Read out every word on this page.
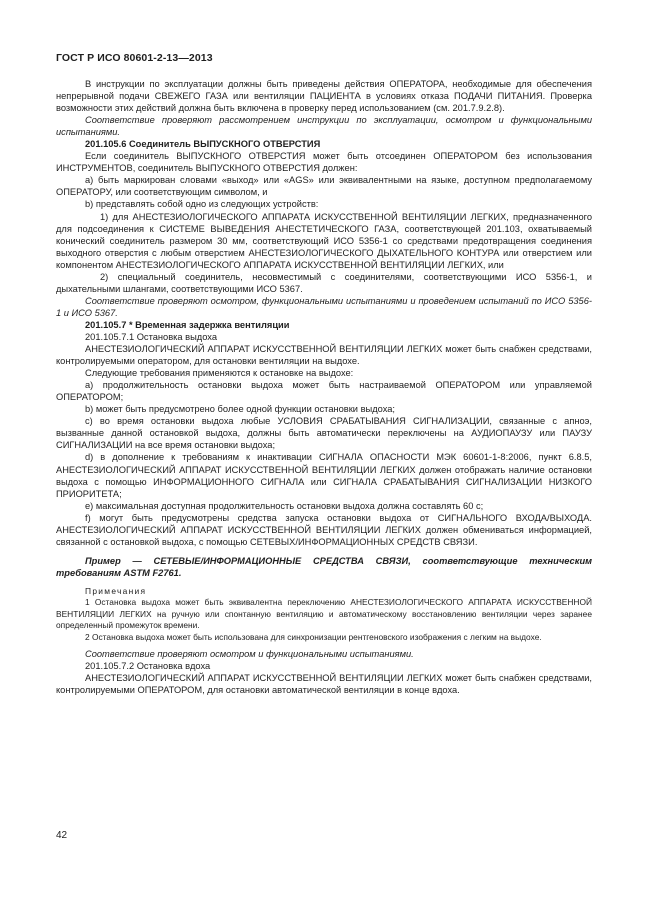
ГОСТ Р ИСО 80601-2-13—2013

В инструкции по эксплуатации должны быть приведены действия ОПЕРАТОРА, необходимые для обеспечения непрерывной подачи СВЕЖЕГО ГАЗА или вентиляции ПАЦИЕНТА в условиях отказа ПОДАЧИ ПИТАНИЯ. Проверка возможности этих действий должна быть включена в проверку перед использованием (см. 201.7.9.2.8).

Соответствие проверяют рассмотрением инструкции по эксплуатации, осмотром и функциональными испытаниями.

201.105.6 Соединитель ВЫПУСКНОГО ОТВЕРСТИЯ

Если соединитель ВЫПУСКНОГО ОТВЕРСТИЯ может быть отсоединен ОПЕРАТОРОМ без использования ИНСТРУМЕНТОВ, соединитель ВЫПУСКНОГО ОТВЕРСТИЯ должен:

а) быть маркирован словами «выход» или «AGS» или эквивалентными на языке, доступном предполагаемому ОПЕРАТОРУ, или соответствующим символом, и

b) представлять собой одно из следующих устройств:

1) для АНЕСТЕЗИОЛОГИЧЕСКОГО АППАРАТА ИСКУССТВЕННОЙ ВЕНТИЛЯЦИИ ЛЕГКИХ, предназначенного для подсоединения к СИСТЕМЕ ВЫВЕДЕНИЯ АНЕСТЕТИЧЕСКОГО ГАЗА, соответствующей 201.103, охватываемый конический соединитель размером 30 мм, соответствующий ИСО 5356-1 со средствами предотвращения соединения выходного отверстия с любым отверстием АНЕСТЕЗИОЛОГИЧЕСКОГО ДЫХАТЕЛЬНОГО КОНТУРА или отверстием или компонентом АНЕСТЕЗИОЛОГИЧЕСКОГО АППАРАТА ИСКУССТВЕННОЙ ВЕНТИЛЯЦИИ ЛЕГКИХ, или

2) специальный соединитель, несовместимый с соединителями, соответствующими ИСО 5356-1, и дыхательными шлангами, соответствующими ИСО 5367.

Соответствие проверяют осмотром, функциональными испытаниями и проведением испытаний по ИСО 5356-1 и ИСО 5367.

201.105.7 * Временная задержка вентиляции

201.105.7.1 Остановка выдоха

АНЕСТЕЗИОЛОГИЧЕСКИЙ АППАРАТ ИСКУССТВЕННОЙ ВЕНТИЛЯЦИИ ЛЕГКИХ может быть снабжен средствами, контролируемыми оператором, для остановки вентиляции на выдохе.

Следующие требования применяются к остановке на выдохе:

а) продолжительность остановки выдоха может быть настраиваемой ОПЕРАТОРОМ или управляемой ОПЕРАТОРОМ;

b) может быть предусмотрено более одной функции остановки выдоха;

c) во время остановки выдоха любые УСЛОВИЯ СРАБАТЫВАНИЯ СИГНАЛИЗАЦИИ, связанные с апноэ, вызванные данной остановкой выдоха, должны быть автоматически переключены на АУДИОПАУЗУ или ПАУЗУ СИГНАЛИЗАЦИИ на все время остановки выдоха;

d) в дополнение к требованиям к инактивации СИГНАЛА ОПАСНОСТИ МЭК 60601-1-8:2006, пункт 6.8.5, АНЕСТЕЗИОЛОГИЧЕСКИЙ АППАРАТ ИСКУССТВЕННОЙ ВЕНТИЛЯЦИИ ЛЕГКИХ должен отображать наличие остановки выдоха с помощью ИНФОРМАЦИОННОГО СИГНАЛА или СИГНАЛА СРАБАТЫВАНИЯ СИГНАЛИЗАЦИИ НИЗКОГО ПРИОРИТЕТА;

e) максимальная доступная продолжительность остановки выдоха должна составлять 60 с;

f) могут быть предусмотрены средства запуска остановки выдоха от СИГНАЛЬНОГО ВХОДА/ВЫХОДА. АНЕСТЕЗИОЛОГИЧЕСКИЙ АППАРАТ ИСКУССТВЕННОЙ ВЕНТИЛЯЦИИ ЛЕГКИХ должен обмениваться информацией, связанной с остановкой выдоха, с помощью СЕТЕВЫХ/ИНФОРМАЦИОННЫХ СРЕДСТВ СВЯЗИ.

Пример — СЕТЕВЫЕ/ИНФОРМАЦИОННЫЕ СРЕДСТВА СВЯЗИ, соответствующие техническим требованиям ASTM F2761.

Примечания

1 Остановка выдоха может быть эквивалентна переключению АНЕСТЕЗИОЛОГИЧЕСКОГО АППАРАТА ИСКУССТВЕННОЙ ВЕНТИЛЯЦИИ ЛЕГКИХ на ручную или спонтанную вентиляцию и автоматическому восстановлению вентиляции через заранее определенный промежуток времени.

2 Остановка выдоха может быть использована для синхронизации рентгеновского изображения с легким на выдохе.

Соответствие проверяют осмотром и функциональными испытаниями.

201.105.7.2 Остановка вдоха

АНЕСТЕЗИОЛОГИЧЕСКИЙ АППАРАТ ИСКУССТВЕННОЙ ВЕНТИЛЯЦИИ ЛЕГКИХ может быть снабжен средствами, контролируемыми ОПЕРАТОРОМ, для остановки автоматической вентиляции в конце вдоха.

42
